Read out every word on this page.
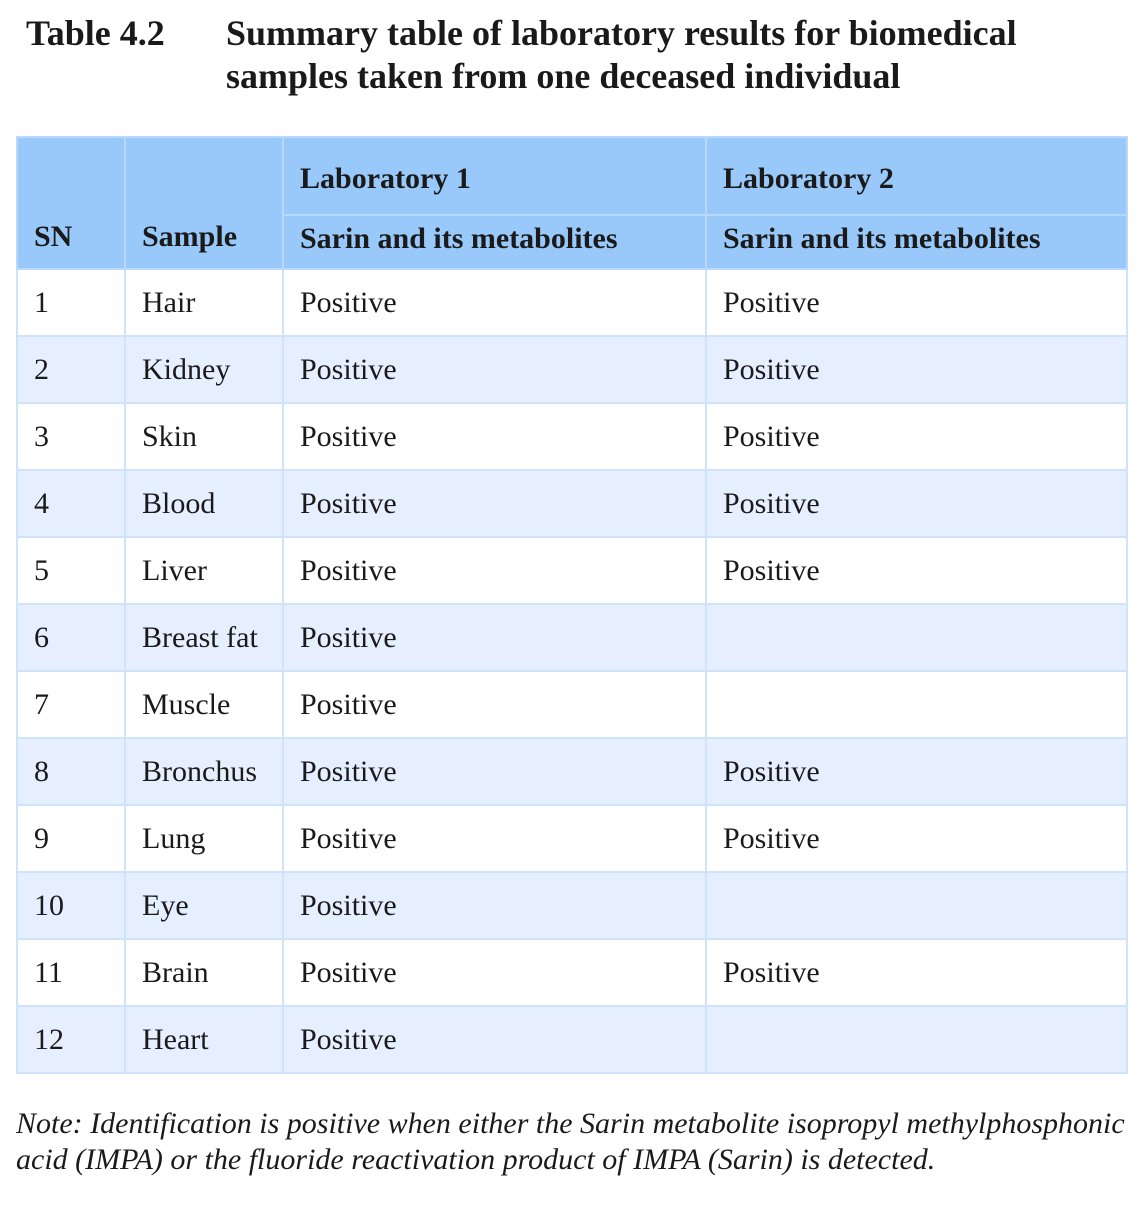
Table 4.2 Summary table of laboratory results for biomedical samples taken from one deceased individual
SN	Sample	Laboratory 1	Laboratory 2
		Sarin and its metabolites	Sarin and its metabolites
1	Hair	Positive	Positive
2	Kidney	Positive	Positive
3	Skin	Positive	Positive
4	Blood	Positive	Positive
5	Liver	Positive	Positive
6	Breast fat	Positive	
7	Muscle	Positive	
8	Bronchus	Positive	Positive
9	Lung	Positive	Positive
10	Eye	Positive	
11	Brain	Positive	Positive
12	Heart	Positive	
Note: Identification is positive when either the Sarin metabolite isopropyl methylphosphonic acid (IMPA) or the fluoride reactivation product of IMPA (Sarin) is detected.
